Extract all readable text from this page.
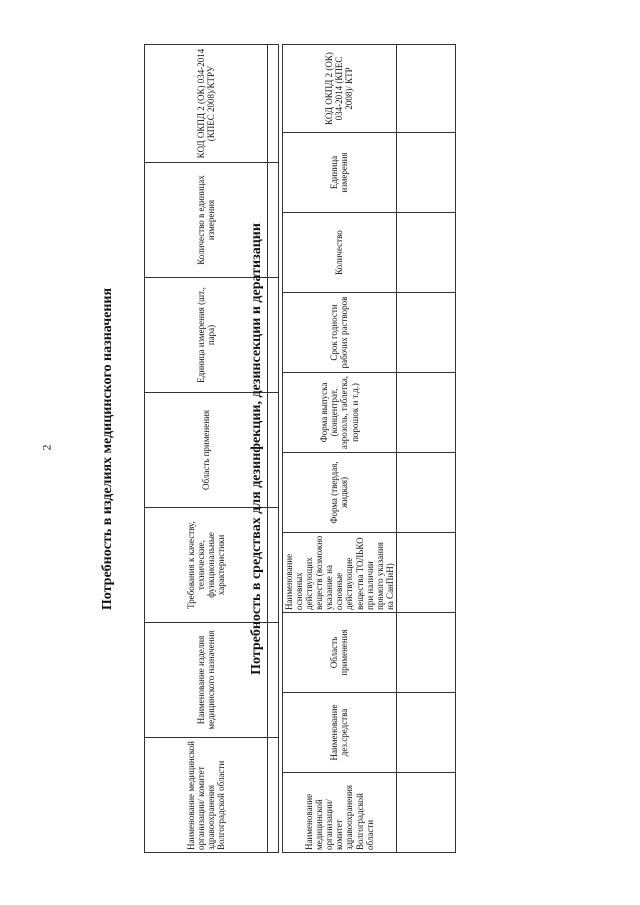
2	Потребность в изделиях медицинского назначения
Наименование медицинской организации/ комитет здравоохранения Волгоградской области	Наименование изделия медицинского назначения	Требования к качеству, технические, функциональные характеристики	Область применения	Единица измерения (шт., пара)	Количество в единицах измерения	КОД ОКПД 2 (ОК) 034-2014 (КПЕС 2008)/КТРУ

Потребность в средствах для дезинфекции, дезинсекции и дератизации
Наименование медицинской организации/ комитет здравоохранения Волгоградской области	Наименование дез.средства	Область применения	Наименование основных действующих веществ (возможно указание на основные действующие вещества ТОЛЬКО при наличии прямого указания на СанПиН)	Форма (твердая, жидкая)	Форма выпуска (концентрат, аэрозоль, таблетка, порошок и т.д.)	Срок годности рабочих растворов	Количество	Единица измерения	КОД ОКПД 2 (ОК) 034-2014 (КПЕС 2008)/ КТР
